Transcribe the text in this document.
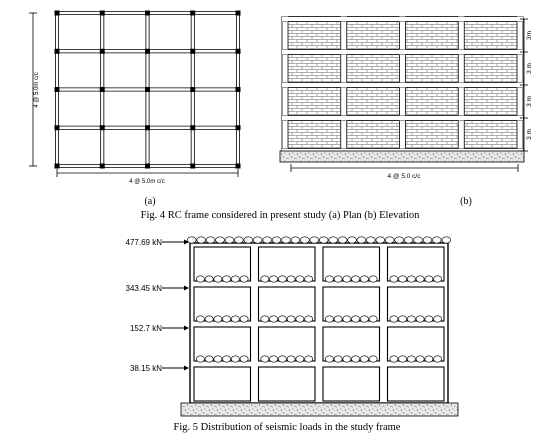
4 @ 5.0m c/c
4 @ 5.0m c/c
(a)
3m
3 m
3 m
3 m
4 @ 5.0 c/c
(b)
Fig. 4 RC frame considered in present study (a) Plan (b) Elevation
477.69 kN
343.45 kN
152.7 kN
38.15 kN
Fig. 5 Distribution of seismic loads in the study frame
